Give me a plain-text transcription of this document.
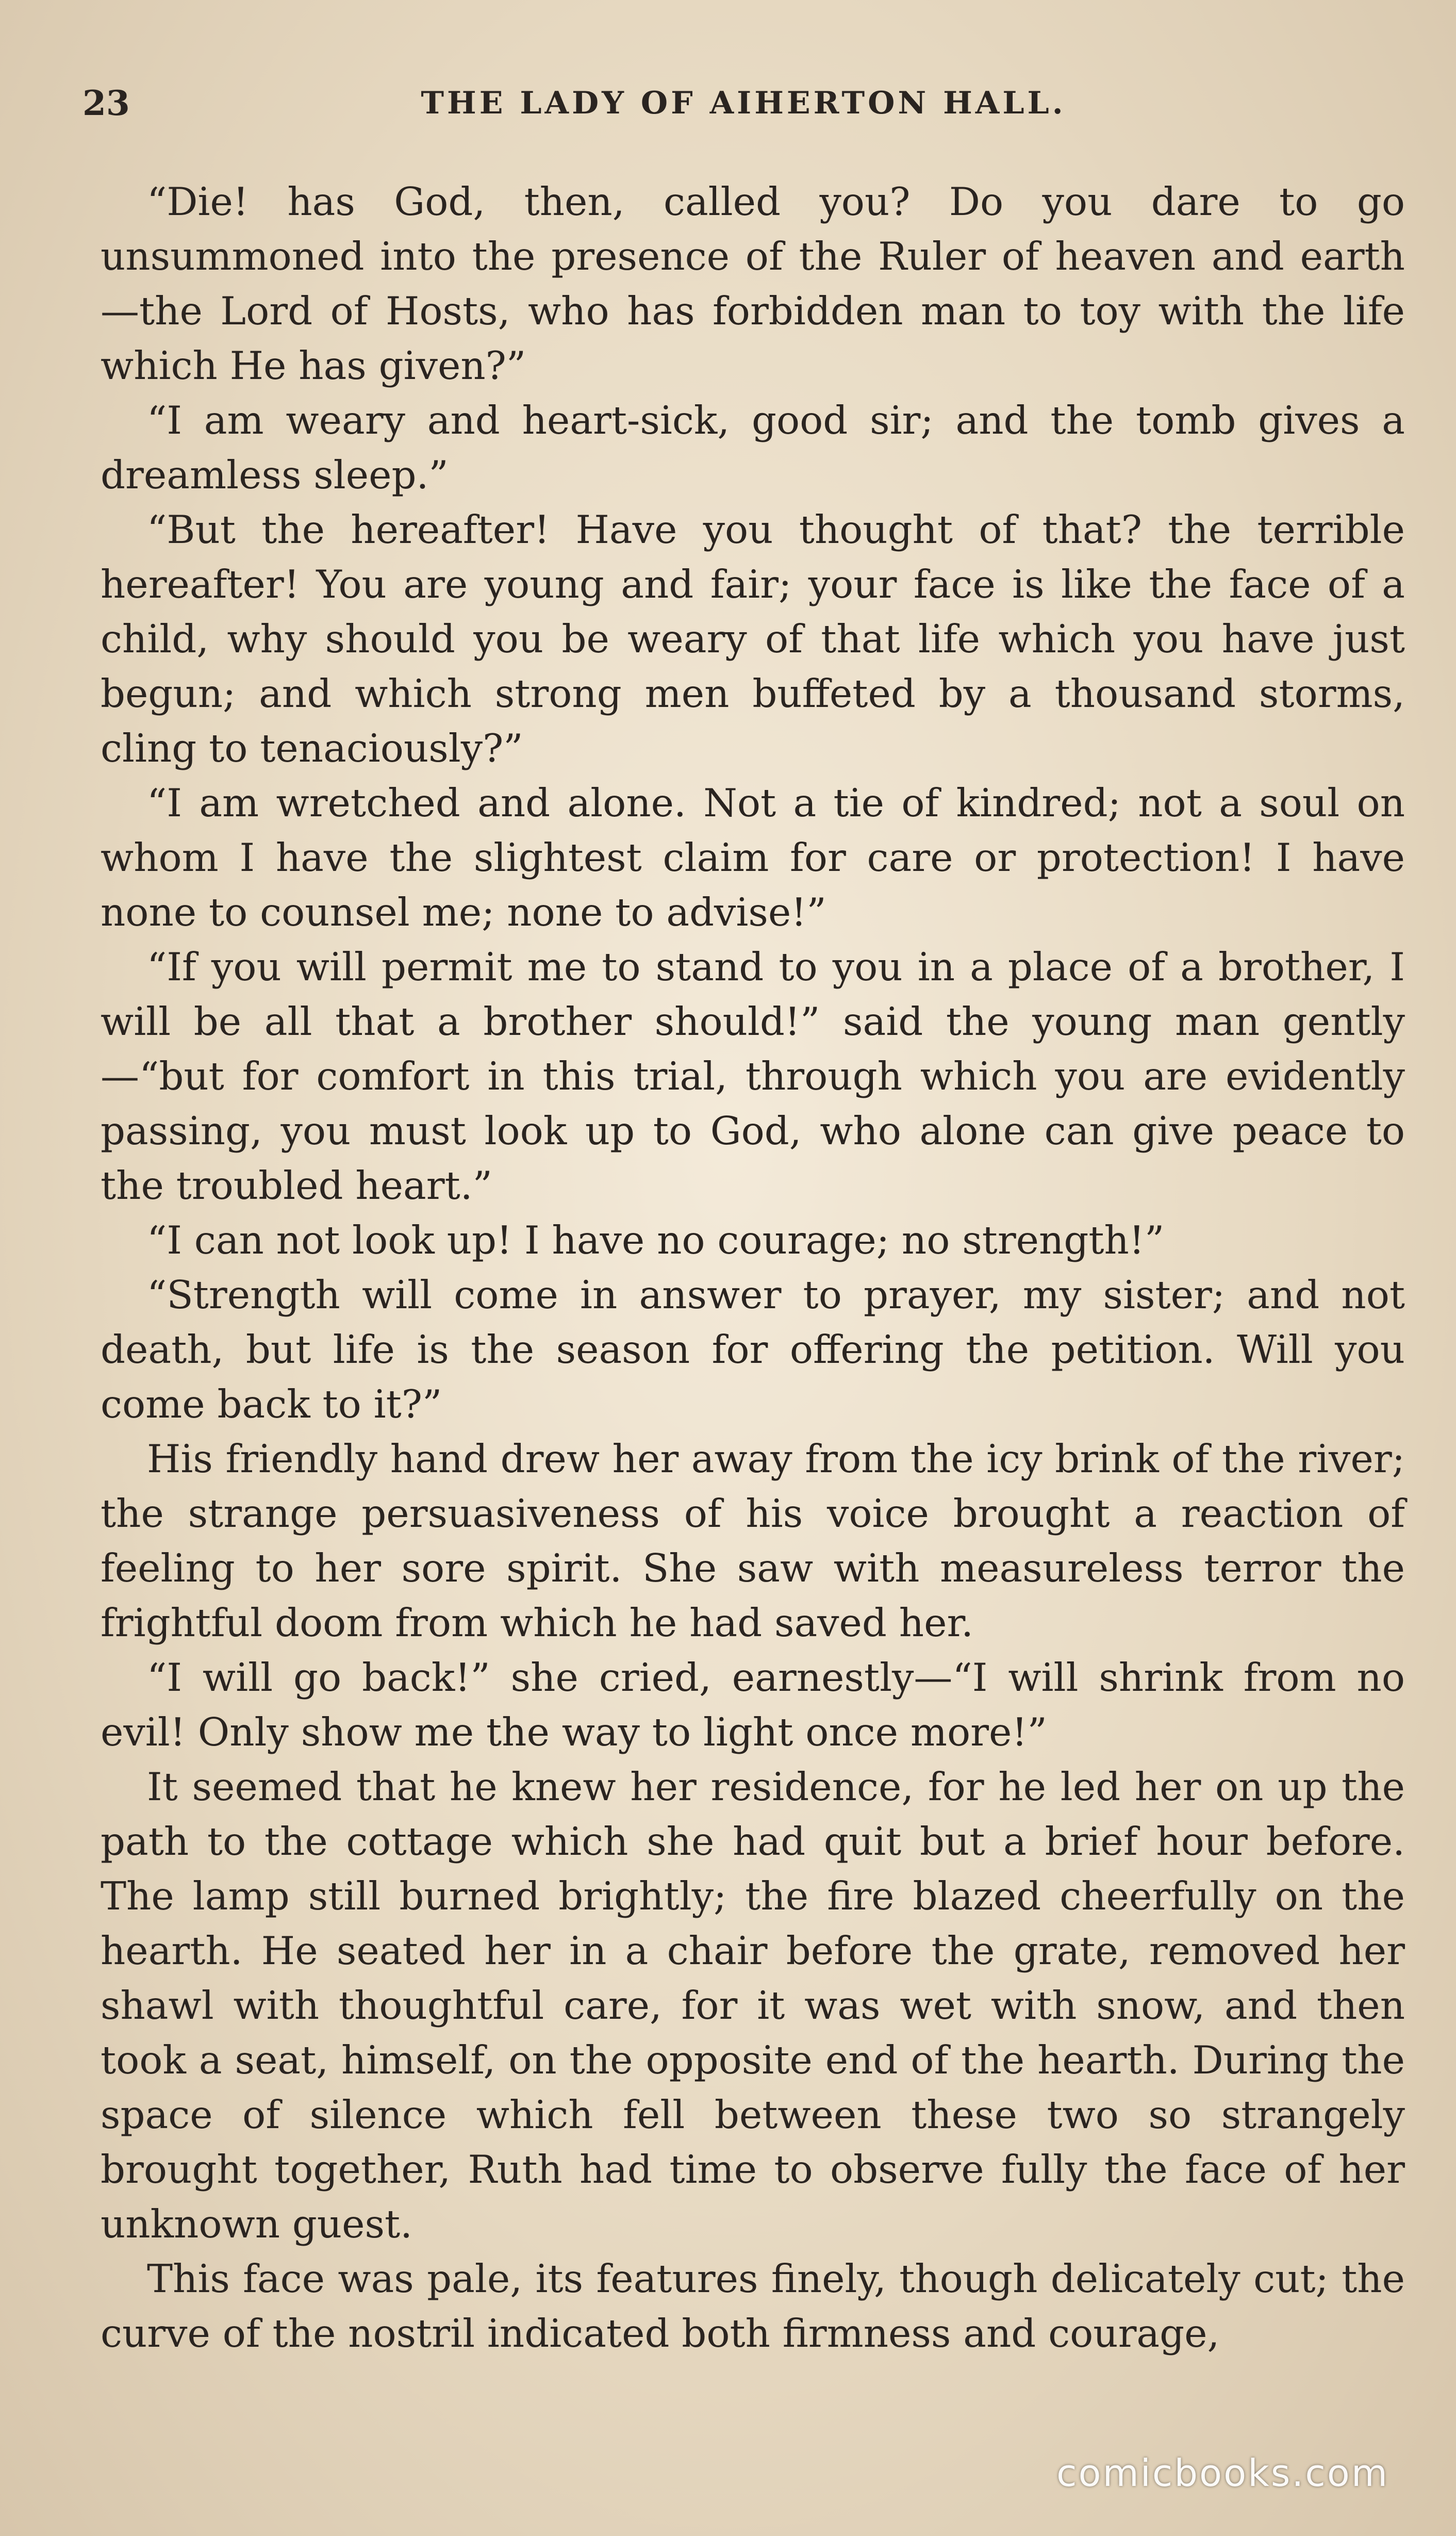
23	THE LADY OF AIHERTON HALL.

“Die! has God, then, called you? Do you dare to go unsummoned into the presence of the Ruler of heaven and earth—the Lord of Hosts, who has forbidden man to toy with the life which He has given?”

“I am weary and heart-sick, good sir; and the tomb gives a dreamless sleep.”

“But the hereafter! Have you thought of that? the terrible hereafter! You are young and fair; your face is like the face of a child, why should you be weary of that life which you have just begun; and which strong men buffeted by a thousand storms, cling to tenaciously?”

“I am wretched and alone. Not a tie of kindred; not a soul on whom I have the slightest claim for care or protection! I have none to counsel me; none to advise!”

“If you will permit me to stand to you in a place of a brother, I will be all that a brother should!” said the young man gently—“but for comfort in this trial, through which you are evidently passing, you must look up to God, who alone can give peace to the troubled heart.”

“I can not look up! I have no courage; no strength!”

“Strength will come in answer to prayer, my sister; and not death, but life is the season for offering the petition. Will you come back to it?”

His friendly hand drew her away from the icy brink of the river; the strange persuasiveness of his voice brought a reaction of feeling to her sore spirit. She saw with measureless terror the frightful doom from which he had saved her.

“I will go back!” she cried, earnestly—“I will shrink from no evil! Only show me the way to light once more!”

It seemed that he knew her residence, for he led her on up the path to the cottage which she had quit but a brief hour before. The lamp still burned brightly; the fire blazed cheerfully on the hearth. He seated her in a chair before the grate, removed her shawl with thoughtful care, for it was wet with snow, and then took a seat, himself, on the opposite end of the hearth. During the space of silence which fell between these two so strangely brought together, Ruth had time to observe fully the face of her unknown guest.

This face was pale, its features finely, though delicately cut; the curve of the nostril indicated both firmness and courage,

comicbooks.com
